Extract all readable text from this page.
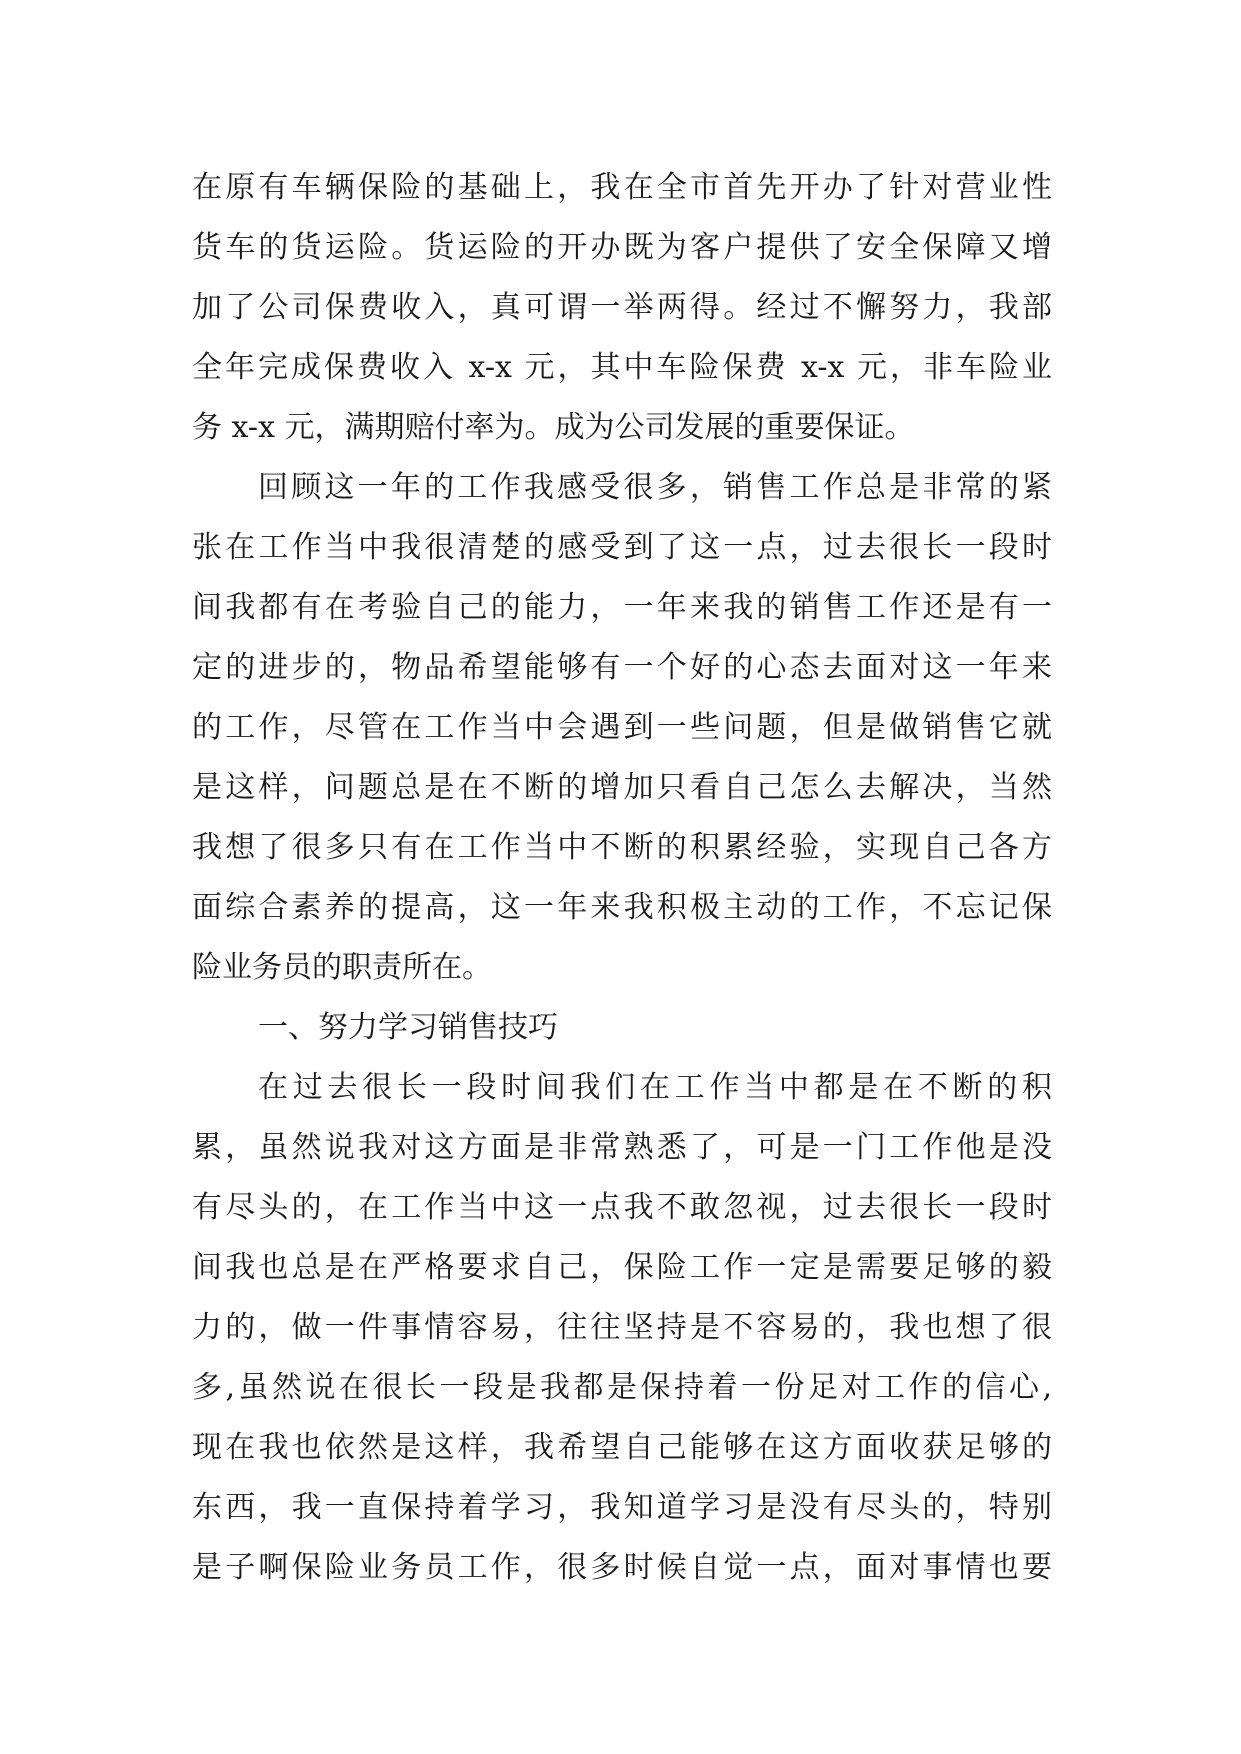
在原有车辆保险的基础上，我在全市首先开办了针对营业性
货车的货运险。货运险的开办既为客户提供了安全保障又增
加了公司保费收入，真可谓一举两得。经过不懈努力，我部
全年完成保费收入 x-x 元，其中车险保费 x-x 元，非车险业
务 x-x 元，满期赔付率为。成为公司发展的重要保证。
回顾这一年的工作我感受很多，销售工作总是非常的紧
张在工作当中我很清楚的感受到了这一点，过去很长一段时
间我都有在考验自己的能力，一年来我的销售工作还是有一
定的进步的，物品希望能够有一个好的心态去面对这一年来
的工作，尽管在工作当中会遇到一些问题，但是做销售它就
是这样，问题总是在不断的增加只看自己怎么去解决，当然
我想了很多只有在工作当中不断的积累经验，实现自己各方
面综合素养的提高，这一年来我积极主动的工作，不忘记保
险业务员的职责所在。
一、努力学习销售技巧
在过去很长一段时间我们在工作当中都是在不断的积
累，虽然说我对这方面是非常熟悉了，可是一门工作他是没
有尽头的，在工作当中这一点我不敢忽视，过去很长一段时
间我也总是在严格要求自己，保险工作一定是需要足够的毅
力的，做一件事情容易，往往坚持是不容易的，我也想了很
多,虽然说在很长一段是我都是保持着一份足对工作的信心,
现在我也依然是这样，我希望自己能够在这方面收获足够的
东西，我一直保持着学习，我知道学习是没有尽头的，特别
是子啊保险业务员工作，很多时候自觉一点，面对事情也要
